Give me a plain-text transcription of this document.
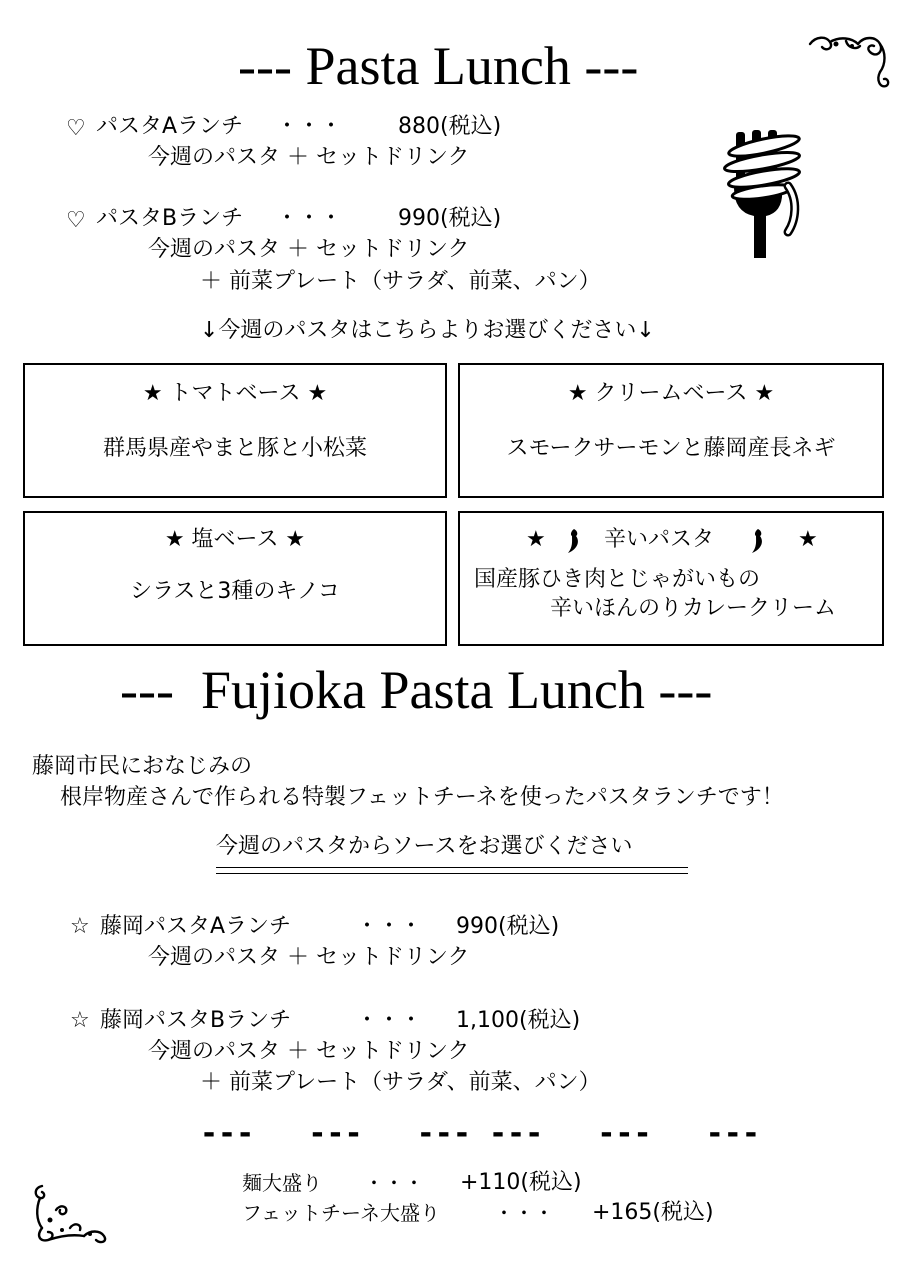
--- Pasta Lunch ---
♡ パスタAランチ ・・・	880(税込)
今週のパスタ ＋ セットドリンク
♡ パスタBランチ ・・・	990(税込)
今週のパスタ ＋ セットドリンク
＋ 前菜プレート（サラダ、前菜、パン）
↓今週のパスタはこちらよりお選びください↓
★ トマトベース ★
群馬県産やまと豚と小松菜
★ クリームベース ★
スモークサーモンと藤岡産長ネギ
★ 塩ベース ★
シラスと3種のキノコ
★	辛いパスタ	★
国産豚ひき肉とじゃがいもの
辛いほんのりカレークリーム
---  Fujioka Pasta Lunch ---
藤岡市民におなじみの
根岸物産さんで作られる特製フェットチーネを使ったパスタランチです！
今週のパスタからソースをお選びください
☆ 藤岡パスタAランチ	・・・ 990(税込)
今週のパスタ ＋ セットドリンク
☆ 藤岡パスタBランチ	・・・ 1,100(税込)
今週のパスタ ＋ セットドリンク
＋ 前菜プレート（サラダ、前菜、パン）
---   ---   --- ---   ---   ---
麺大盛り ・・・ +110(税込)
フェットチーネ大盛り	・・・ +165(税込)
